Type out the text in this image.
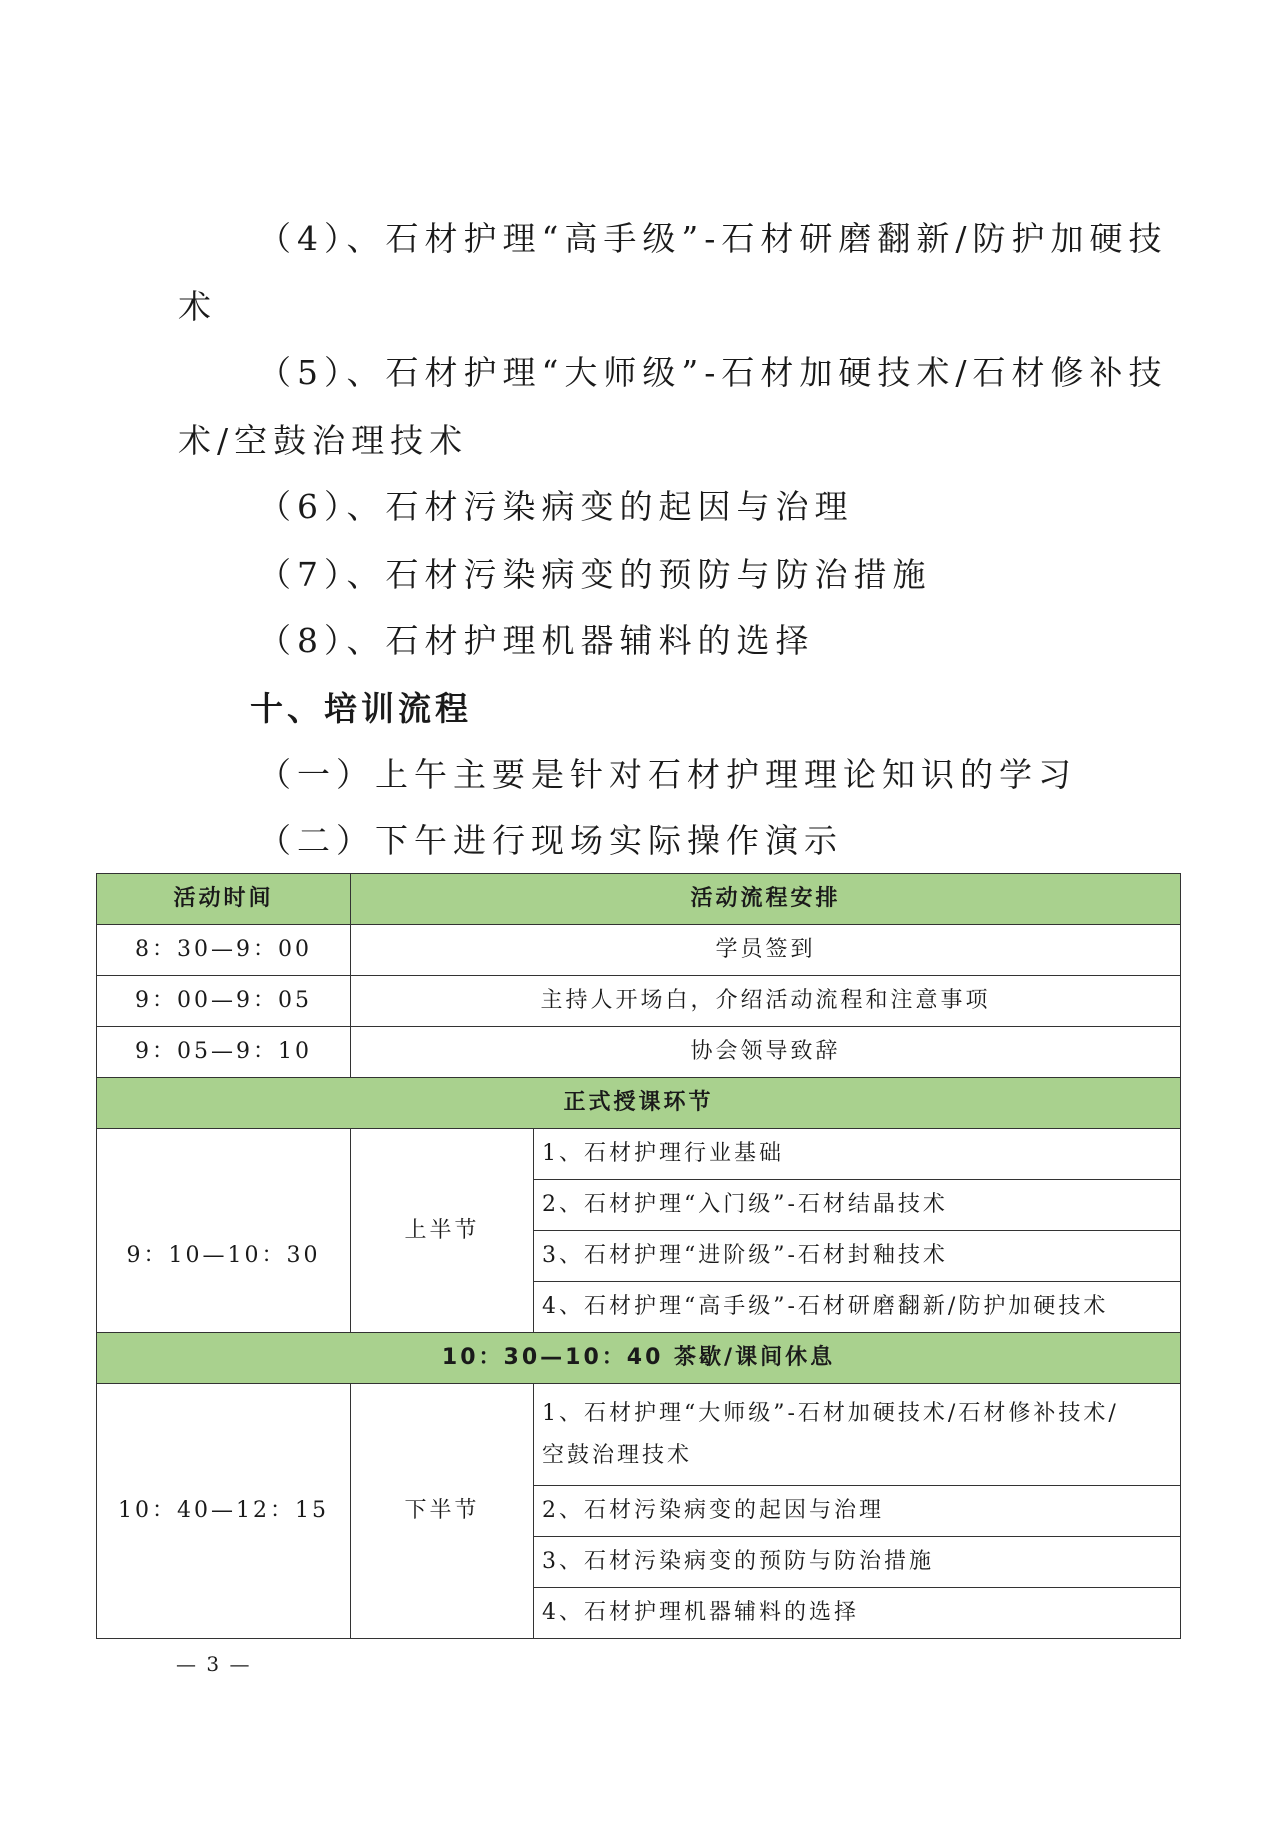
（4）、石材护理“高手级”-石材研磨翻新/防护加硬技
术
（5）、石材护理“大师级”-石材加硬技术/石材修补技
术/空鼓治理技术
（6）、石材污染病变的起因与治理
（7）、石材污染病变的预防与防治措施
（8）、石材护理机器辅料的选择
十、培训流程
（一）上午主要是针对石材护理理论知识的学习
（二）下午进行现场实际操作演示
活动时间	活动流程安排	
8：30—9：00	学员签到	
9：00—9：05	主持人开场白，介绍活动流程和注意事项	
9：05—9：10	协会领导致辞	
正式授课环节		

9：10—10：30	上半节	1、石材护理行业基础
		2、石材护理“入门级”-石材结晶技术
		3、石材护理“进阶级”-石材封釉技术
		4、石材护理“高手级”-石材研磨翻新/防护加硬技术
10：30—10：40 茶歇/课间休息		
10：40—12：15	下半节	1、石材护理“大师级”-石材加硬技术/石材修补技术/
空鼓治理技术

		2、石材污染病变的起因与治理
		3、石材污染病变的预防与防治措施
		4、石材护理机器辅料的选择
— 3 —
